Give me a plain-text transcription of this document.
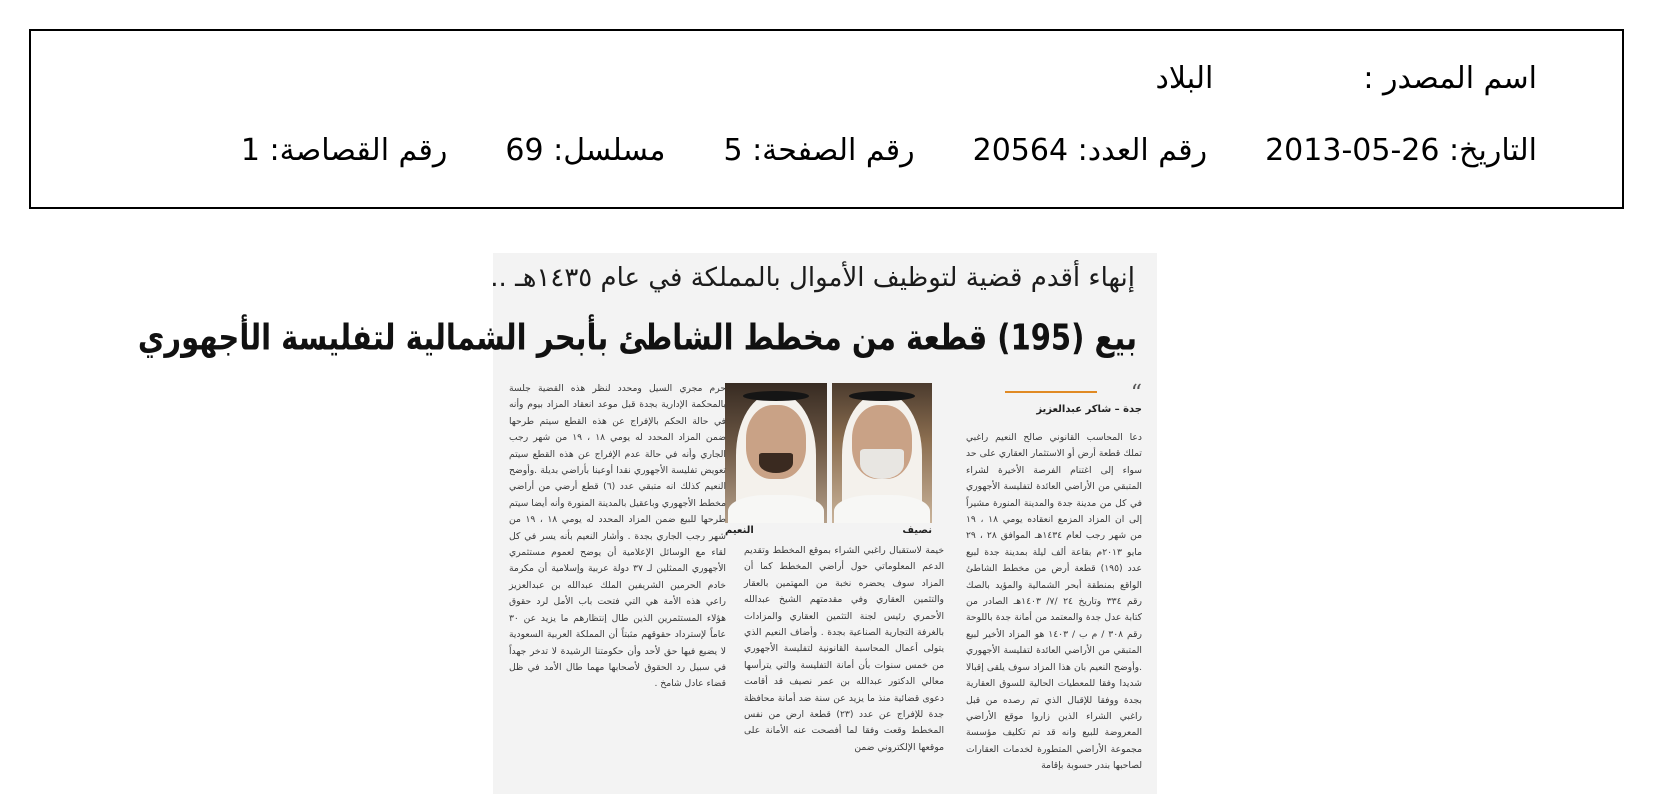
اسم المصدر :
البلاد
التاريخ: 26-05-2013
رقم العدد: 20564
رقم الصفحة: 5
مسلسل: 69
رقم القصاصة: 1
إنهاء أقدم قضية لتوظيف الأموال بالمملكة في عام ١٤٣٥هـ ..
بيع (195) قطعة من مخطط الشاطئ بأبحر الشمالية لتفليسة الأجهوري
“
جدة – شاكر عبدالعزيز

دعا المحاسب القانوني صالح النعيم راغبي تملك قطعة أرض أو الاستثمار العقاري على حد سواء إلى اغتنام الفرصة الأخيرة لشراء المتبقي من الأراضي العائدة لتفليسة الأجهوري في كل من مدينة جدة والمدينة المنورة مشيراً إلى ان المزاد المزمع انعقاده يومي ١٨ ، ١٩ من شهر رجب لعام ١٤٣٤هـ الموافق ٢٨ ، ٢٩ مايو ٢٠١٣م بقاعة ألف ليلة بمدينة جدة لبيع عدد (١٩٥) قطعة أرض من مخطط الشاطئ الواقع بمنطقة أبحر الشمالية والمؤيد بالصك رقم ٣٣٤ وتاريخ ٢٤ /٧/ ١٤٠٣هـ الصادر من كتابة عدل جدة والمعتمد من أمانة جدة باللوحة رقم ٣٠٨ / م ب / ١٤٠٣ هو المزاد الأخير لبيع المتبقي من الأراضي العائدة لتفليسة الأجهوري .وأوضح النعيم بان هذا المزاد سوف يلقى إقبالا شديدا وفقا للمعطيات الحالية للسوق العقارية بجدة ووفقا للإقبال الذي تم رصده من قبل راغبي الشراء الذين زاروا موقع الأراضي المعروضة للبيع وانه قد تم تكليف مؤسسة مجموعة الأراضي المتطورة لخدمات العقارات لصاحبها بندر حسوبة بإقامة

نصيف
النعيم

خيمة لاستقبال راغبي الشراء بموقع المخطط وتقديم الدعم المعلوماتي حول أراضي المخطط كما أن المزاد سوف يحضره نخبة من المهتمين بالعقار والتثمين العقاري وفي مقدمتهم الشيخ عبدالله الأحمري رئيس لجنة التثمين العقاري والمزادات بالغرفة التجارية الصناعية بجدة . وأضاف النعيم الذي يتولى أعمال المحاسبة القانونية لتفليسة الأجهوري من خمس سنوات بأن أمانة التفليسة والتي يترأسها معالي الدكتور عبدالله بن عمر نصيف قد أقامت دعوى قضائية منذ ما يزيد عن سنة ضد أمانة محافظة جدة للإفراج عن عدد (٢٣) قطعة ارض من نفس المخطط وقعت وفقا لما أفصحت عنه الأمانة على موقعها الإلكتروني ضمن

حرم مجري السيل ومحدد لنظر هذه القضية جلسة بالمحكمة الإدارية بجدة قبل موعد انعقاد المزاد بيوم وأنه في حالة الحكم بالإفراج عن هذه القطع سيتم طرحها ضمن المزاد المحدد له يومي ١٨ ، ١٩ من شهر رجب الجاري وأنه في حالة عدم الإفراج عن هذه القطع سيتم تعويض تفليسة الأجهوري نقدا أوعينا بأراضي بديلة .وأوضح النعيم كذلك انه متبقي عدد (٦) قطع أرضي من أراضي مخطط الأجهوري وباعقيل بالمدينة المنورة وأنه أيضا سيتم طرحها للبيع ضمن المزاد المحدد له يومي ١٨ ، ١٩ من شهر رجب الجاري بجدة . وأشار النعيم بأنه يسر في كل لقاء مع الوسائل الإعلامية أن يوضح لعموم مستثمري الأجهوري الممثلين لـ ٣٧ دولة عربية وإسلامية أن مكرمة خادم الحرمين الشريفين الملك عبدالله بن عبدالعزيز راعي هذه الأمة هي التي فتحت باب الأمل لرد حقوق هؤلاء المستثمرين الذين طال إنتظارهم ما يزيد عن ٣٠ عاماً لإسترداد حقوقهم مثبتاً أن المملكة العربية السعودية لا يضيع فيها حق لأحد وأن حكومتنا الرشيدة لا تدخر جهداً في سبيل رد الحقوق لأصحابها مهما طال الأمد في ظل قضاء عادل شامخ .
